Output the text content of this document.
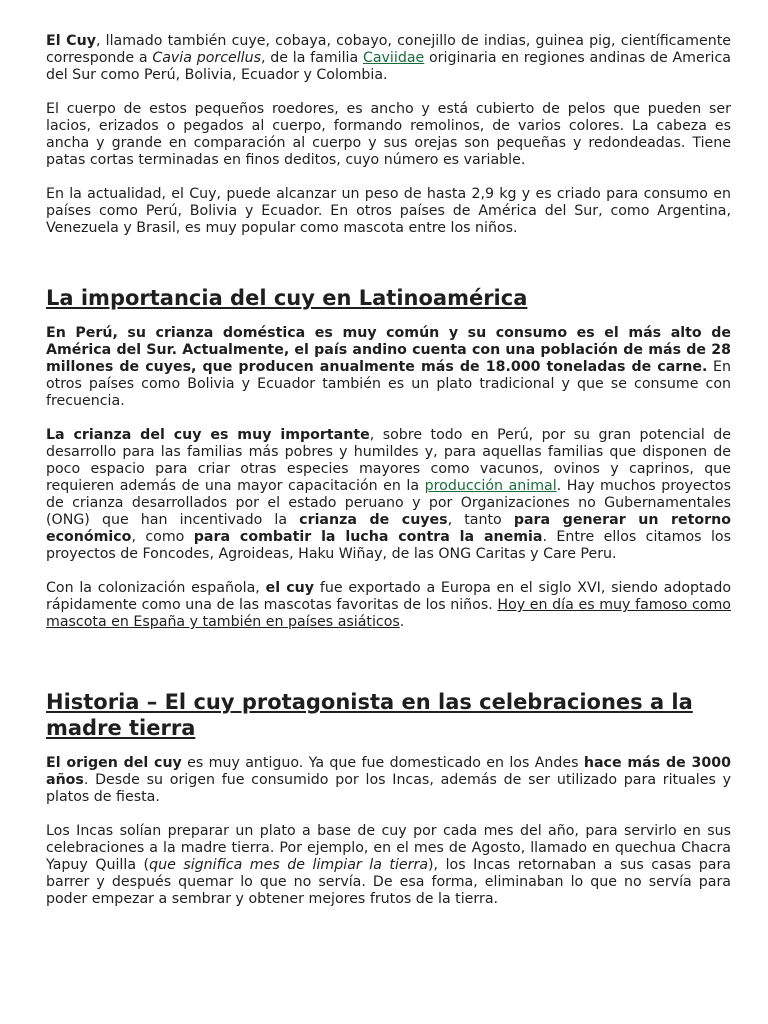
El Cuy, llamado también cuye, cobaya, cobayo, conejillo de indias, guinea pig, científicamente corresponde a Cavia porcellus, de la familia Caviidae originaria en regiones andinas de America del Sur como Perú, Bolivia, Ecuador y Colombia.

El cuerpo de estos pequeños roedores, es ancho y está cubierto de pelos que pueden ser lacios, erizados o pegados al cuerpo, formando remolinos, de varios colores. La cabeza es ancha y grande en comparación al cuerpo y sus orejas son pequeñas y redondeadas. Tiene patas cortas terminadas en finos deditos, cuyo número es variable.

En la actualidad, el Cuy, puede alcanzar un peso de hasta 2,9 kg y es criado para consumo en países como Perú, Bolivia y Ecuador. En otros países de América del Sur, como Argentina, Venezuela y Brasil, es muy popular como mascota entre los niños.

La importancia del cuy en Latinoamérica

En Perú, su crianza doméstica es muy común y su consumo es el más alto de América del Sur. Actualmente, el país andino cuenta con una población de más de 28 millones de cuyes, que producen anualmente más de 18.000 toneladas de carne. En otros países como Bolivia y Ecuador también es un plato tradicional y que se consume con frecuencia.

La crianza del cuy es muy importante, sobre todo en Perú, por su gran potencial de desarrollo para las familias más pobres y humildes y, para aquellas familias que disponen de poco espacio para criar otras especies mayores como vacunos, ovinos y caprinos, que requieren además de una mayor capacitación en la producción animal. Hay muchos proyectos de crianza desarrollados por el estado peruano y por Organizaciones no Gubernamentales (ONG) que han incentivado la crianza de cuyes, tanto para generar un retorno económico, como para combatir la lucha contra la anemia. Entre ellos citamos los proyectos de Foncodes, Agroideas, Haku Wiñay, de las ONG Caritas y Care Peru.

Con la colonización española, el cuy fue exportado a Europa en el siglo XVI, siendo adoptado rápidamente como una de las mascotas favoritas de los niños. Hoy en día es muy famoso como mascota en España y también en países asiáticos.

Historia – El cuy protagonista en las celebraciones a la madre tierra

El origen del cuy es muy antiguo. Ya que fue domesticado en los Andes hace más de 3000 años. Desde su origen fue consumido por los Incas, además de ser utilizado para rituales y platos de fiesta.

Los Incas solían preparar un plato a base de cuy por cada mes del año, para servirlo en sus celebraciones a la madre tierra. Por ejemplo, en el mes de Agosto, llamado en quechua Chacra Yapuy Quilla (que significa mes de limpiar la tierra), los Incas retornaban a sus casas para barrer y después quemar lo que no servía. De esa forma, eliminaban lo que no servía para poder empezar a sembrar y obtener mejores frutos de la tierra.
